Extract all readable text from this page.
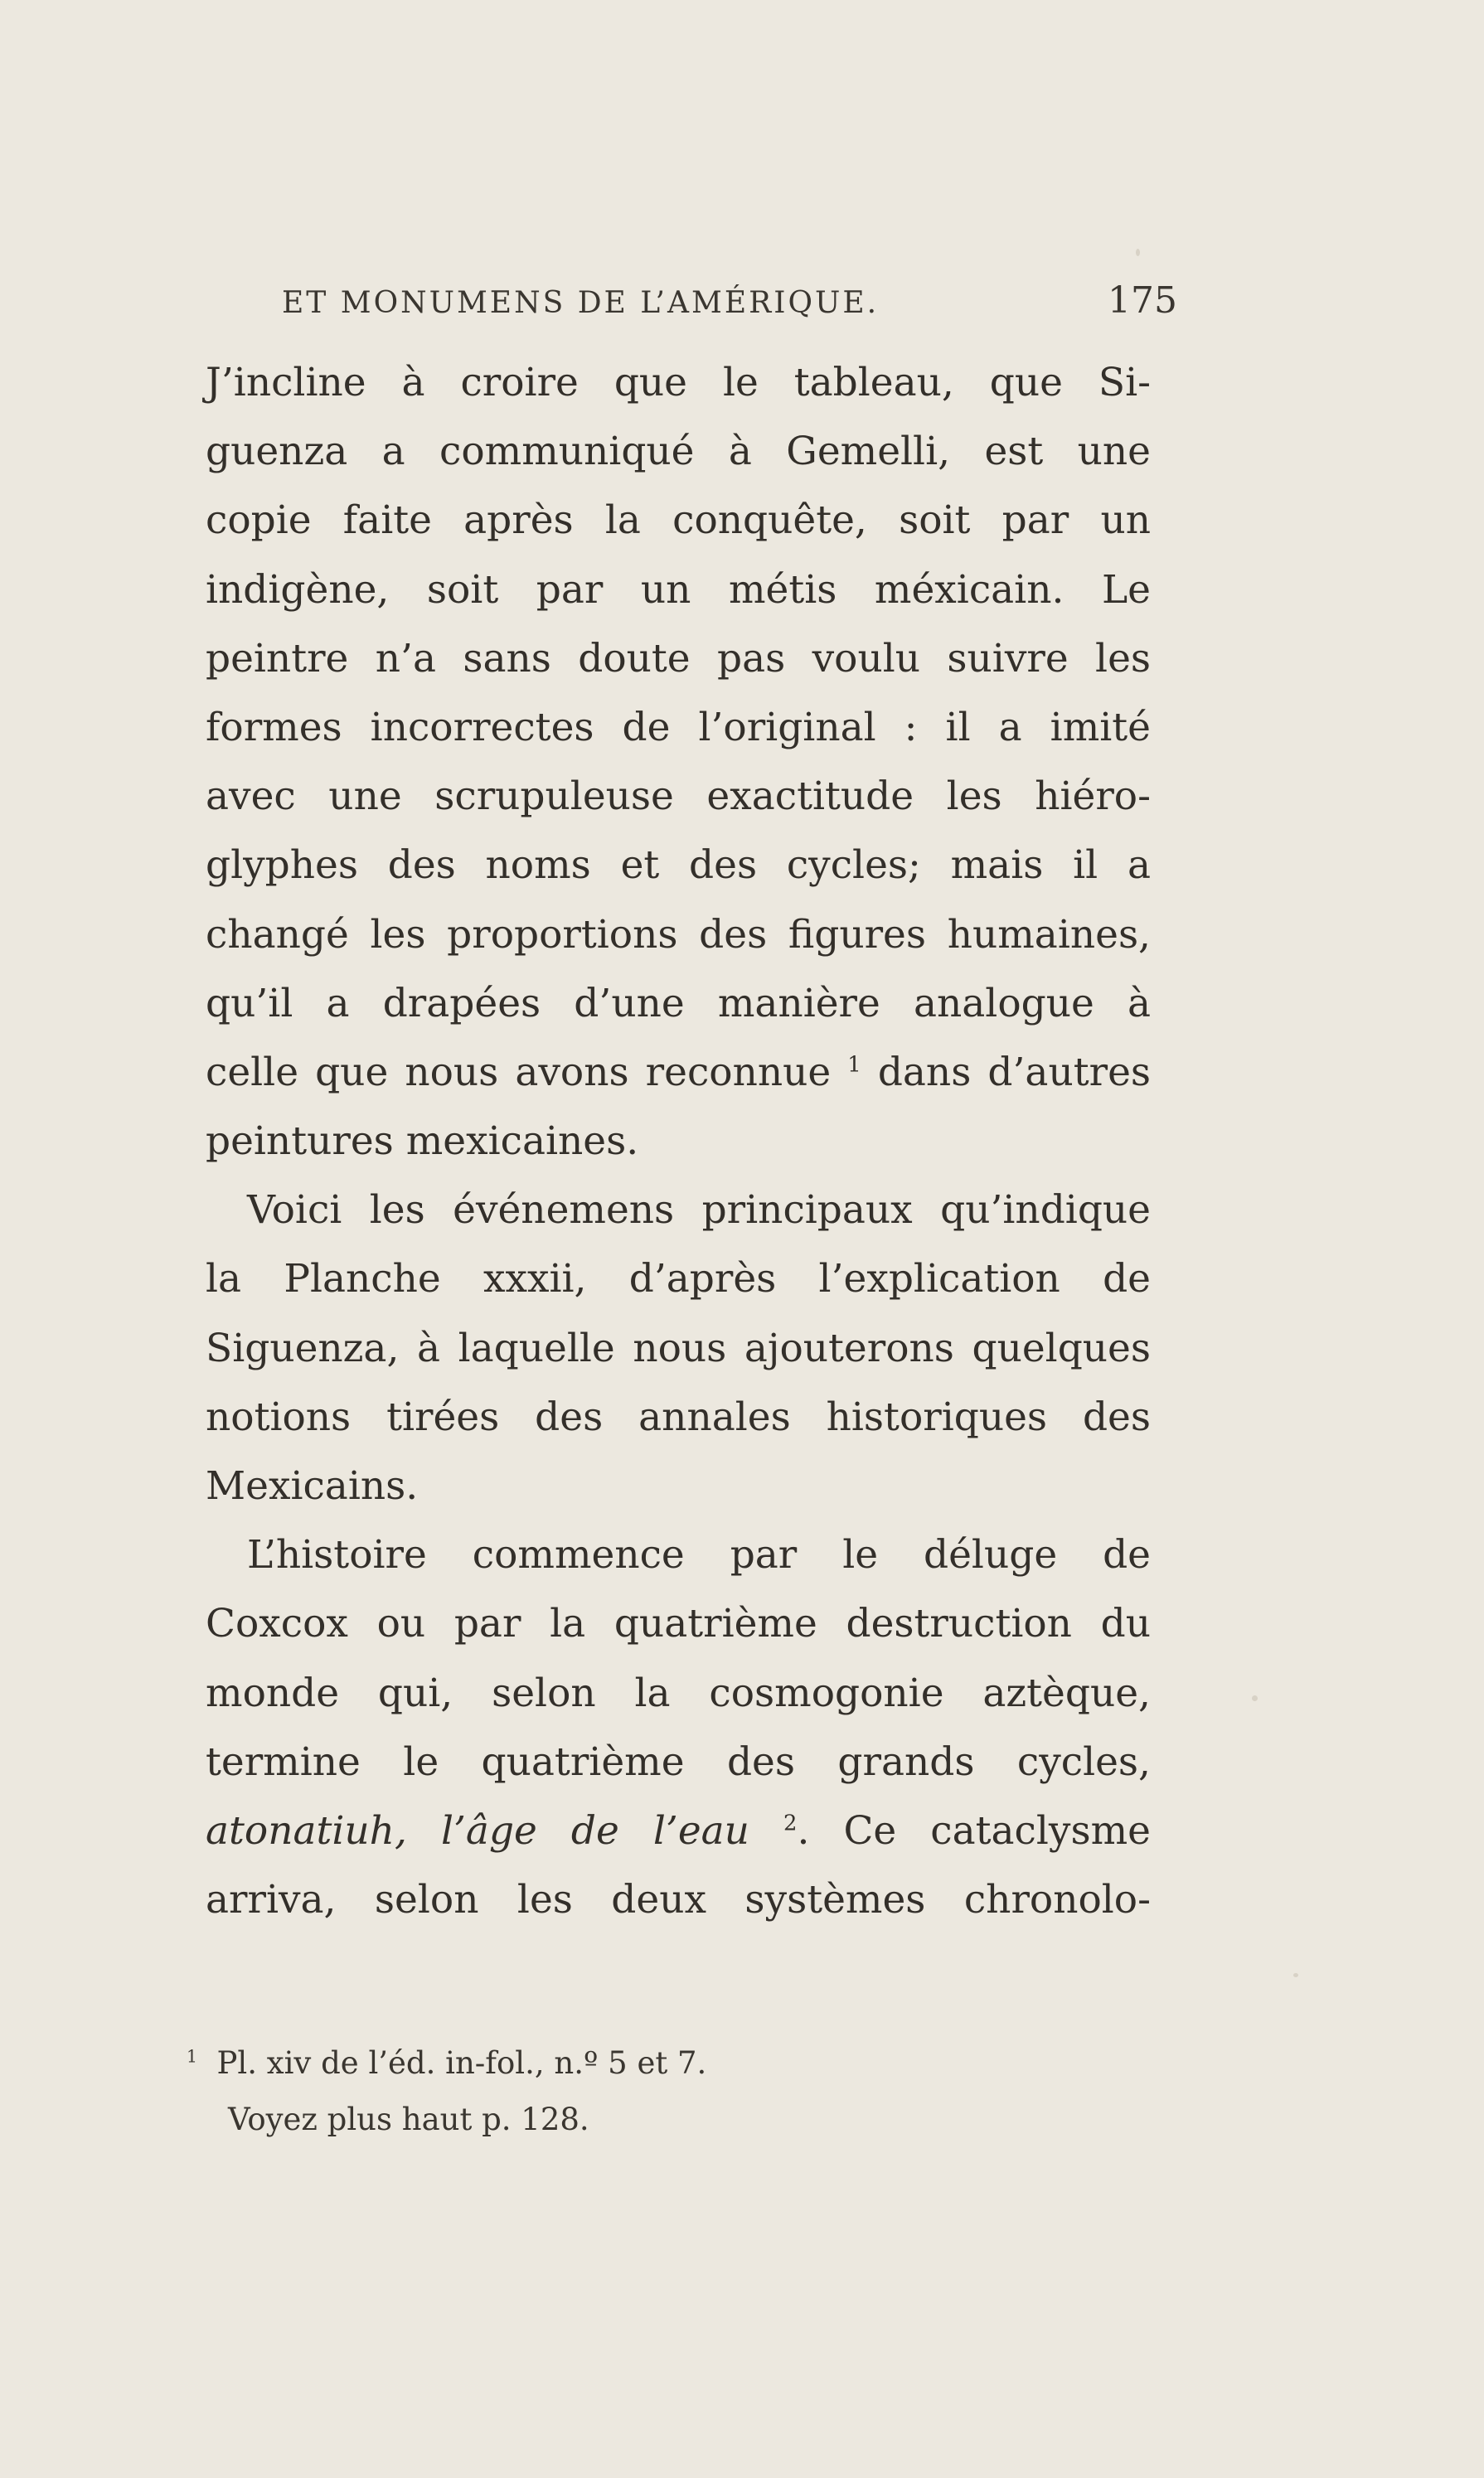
ET MONUMENS DE L’AMÉRIQUE.	175
J’incline à croire que le tableau, que Si-
guenza a communiqué à Gemelli, est une
copie faite après la conquête, soit par un
indigène, soit par un métis méxicain. Le
peintre n’a sans doute pas voulu suivre les
formes incorrectes de l’original : il a imité
avec une scrupuleuse exactitude les hiéro-
glyphes des noms et des cycles; mais il a
changé les proportions des figures humaines,
qu’il a drapées d’une manière analogue à
celle que nous avons reconnue $^1$ dans d’autres
peintures mexicaines.
Voici les événemens principaux qu’indique
la Planche xxxii, d’après l’explication de
Siguenza, à laquelle nous ajouterons quelques
notions tirées des annales historiques des
Mexicains.
L’histoire commence par le déluge de
Coxcox ou par la quatrième destruction du
monde qui, selon la cosmogonie aztèque,
termine le quatrième des grands cycles,
atonatiuh, l’âge de l’eau $^2$. Ce cataclysme
arriva, selon les deux systèmes chronolo-
$^1$ Pl. xiv de l’éd. in-fol., n.º 5 et 7.
Voyez plus haut p. 128.
